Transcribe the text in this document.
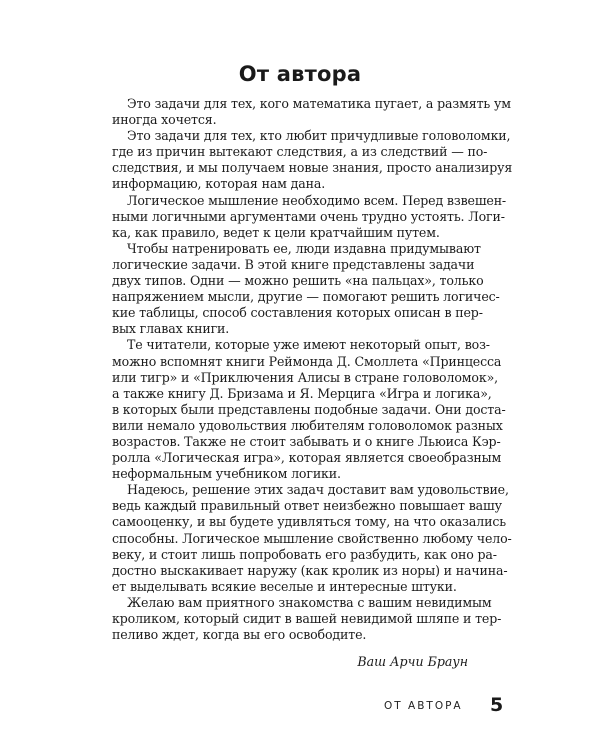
От автора
Это задачи для тех, кого математика пугает, а размять ум
иногда хочется.
Это задачи для тех, кто любит причудливые головоломки,
где из причин вытекают следствия, а из следствий — по-
следствия, и мы получаем новые знания, просто анализируя
информацию, которая нам дана.
Логическое мышление необходимо всем. Перед взвешен-
ными логичными аргументами очень трудно устоять. Логи-
ка, как правило, ведет к цели кратчайшим путем.
Чтобы натренировать ее, люди издавна придумывают
логические задачи. В этой книге представлены задачи
двух типов. Одни — можно решить «на пальцах», только
напряжением мысли, другие — помогают решить логичес-
кие таблицы, способ составления которых описан в пер-
вых главах книги.
Те читатели, которые уже имеют некоторый опыт, воз-
можно вспомнят книги Реймонда Д. Смоллета «Принцесса
или тигр» и «Приключения Алисы в стране головоломок»,
а также книгу Д. Бризама и Я. Мерцига «Игра и логика»,
в которых были представлены подобные задачи. Они доста-
вили немало удовольствия любителям головоломок разных
возрастов. Также не стоит забывать и о книге Льюиса Кэр-
ролла «Логическая игра», которая является своеобразным
неформальным учебником логики.
Надеюсь, решение этих задач доставит вам удовольствие,
ведь каждый правильный ответ неизбежно повышает вашу
самооценку, и вы будете удивляться тому, на что оказались
способны. Логическое мышление свойственно любому чело-
веку, и стоит лишь попробовать его разбудить, как оно ра-
достно выскакивает наружу (как кролик из норы) и начина-
ет выделывать всякие веселые и интересные штуки.
Желаю вам приятного знакомства с вашим невидимым
кроликом, который сидит в вашей невидимой шляпе и тер-
пеливо ждет, когда вы его освободите.
Ваш Арчи Браун
ОТ АВТОРА 5
